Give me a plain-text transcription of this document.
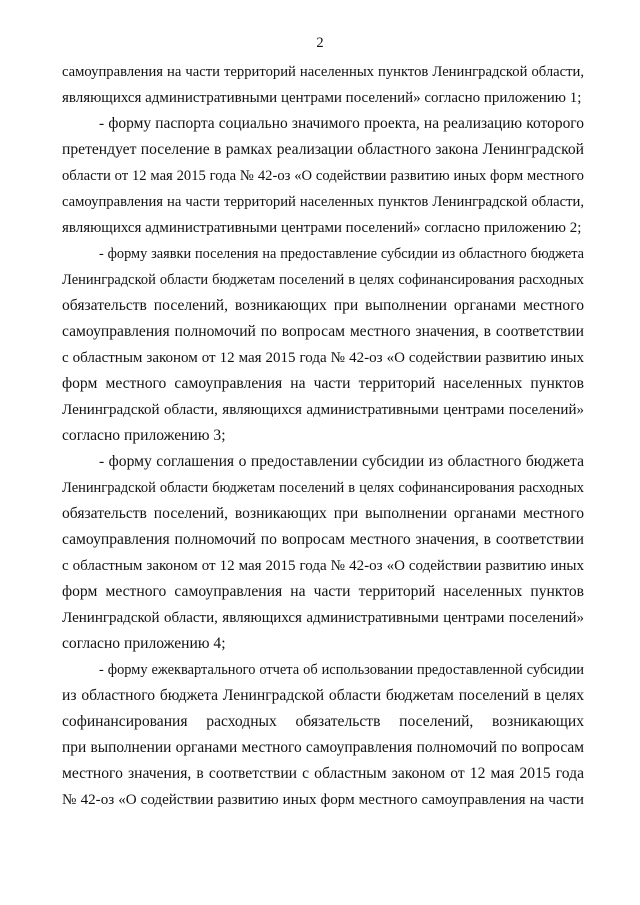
2
самоуправления на части территорий населенных пунктов Ленинградской области,
являющихся административными центрами поселений» согласно приложению 1;
- форму паспорта социально значимого проекта, на реализацию которого
претендует поселение в рамках реализации областного закона Ленинградской
области от 12 мая 2015 года № 42-оз «О содействии развитию иных форм местного
самоуправления на части территорий населенных пунктов Ленинградской области,
являющихся административными центрами поселений» согласно приложению 2;
- форму заявки поселения на предоставление субсидии из областного бюджета
Ленинградской области бюджетам поселений в целях софинансирования расходных
обязательств поселений, возникающих при выполнении органами местного
самоуправления полномочий по вопросам местного значения, в соответствии
с областным законом от 12 мая 2015 года № 42-оз «О содействии развитию иных
форм местного самоуправления на части территорий населенных пунктов
Ленинградской области, являющихся административными центрами поселений»
согласно приложению 3;
- форму соглашения о предоставлении субсидии из областного бюджета
Ленинградской области бюджетам поселений в целях софинансирования расходных
обязательств поселений, возникающих при выполнении органами местного
самоуправления полномочий по вопросам местного значения, в соответствии
с областным законом от 12 мая 2015 года № 42-оз «О содействии развитию иных
форм местного самоуправления на части территорий населенных пунктов
Ленинградской области, являющихся административными центрами поселений»
согласно приложению 4;
- форму ежеквартального отчета об использовании предоставленной субсидии
из областного бюджета Ленинградской области бюджетам поселений в целях
софинансирования расходных обязательств поселений, возникающих
при выполнении органами местного самоуправления полномочий по вопросам
местного значения, в соответствии с областным законом от 12 мая 2015 года
№ 42-оз «О содействии развитию иных форм местного самоуправления на части
